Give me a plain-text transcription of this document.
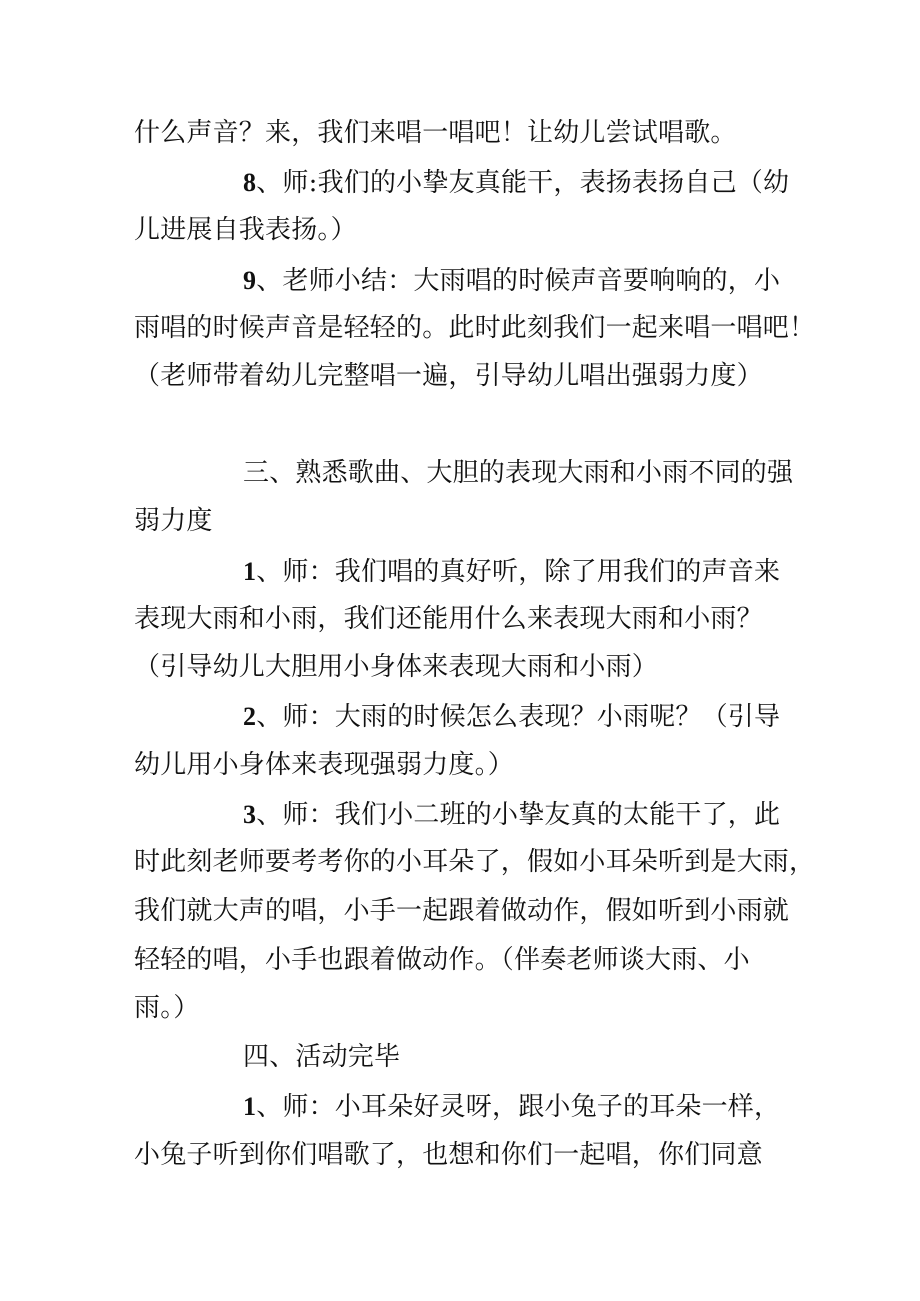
什么声音？来，我们来唱一唱吧！让幼儿尝试唱歌。
8、师:我们的小挚友真能干，表扬表扬自己（幼
儿进展自我表扬。）
9、老师小结：大雨唱的时候声音要响响的，小
雨唱的时候声音是轻轻的。此时此刻我们一起来唱一唱吧！
（老师带着幼儿完整唱一遍，引导幼儿唱出强弱力度）
三、熟悉歌曲、大胆的表现大雨和小雨不同的强
弱力度
1、师：我们唱的真好听，除了用我们的声音来
表现大雨和小雨，我们还能用什么来表现大雨和小雨？
（引导幼儿大胆用小身体来表现大雨和小雨）
2、师：大雨的时候怎么表现？小雨呢？（引导
幼儿用小身体来表现强弱力度。）
3、师：我们小二班的小挚友真的太能干了，此
时此刻老师要考考你的小耳朵了，假如小耳朵听到是大雨，
我们就大声的唱，小手一起跟着做动作，假如听到小雨就
轻轻的唱，小手也跟着做动作。（伴奏老师谈大雨、小
雨。）
四、活动完毕
1、师：小耳朵好灵呀，跟小兔子的耳朵一样，
小兔子听到你们唱歌了，也想和你们一起唱，你们同意
